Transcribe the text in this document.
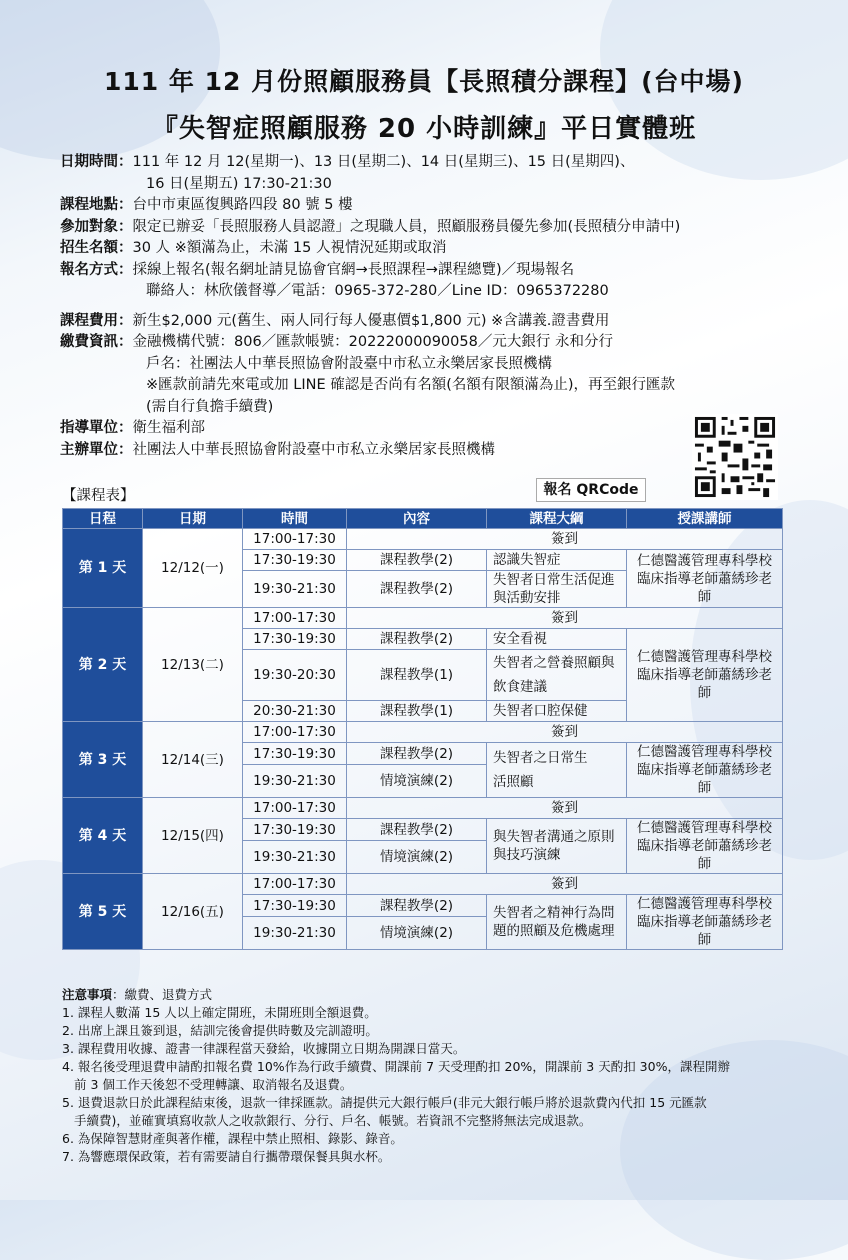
111 年 12 月份照顧服務員【長照積分課程】(台中場)
『失智症照顧服務 20 小時訓練』平日實體班
日期時間： 111 年 12 月 12(星期一)、13 日(星期二)、14 日(星期三)、15 日(星期四)、
16 日(星期五) 17:30-21:30
課程地點： 台中市東區復興路四段 80 號 5 樓
參加對象： 限定已辦妥「長照服務人員認證」之現職人員，照顧服務員優先參加(長照積分申請中)
招生名額： 30 人 ※額滿為止，未滿 15 人視情況延期或取消
報名方式： 採線上報名(報名網址請見協會官網→長照課程→課程總覽)／現場報名
聯絡人：林欣儀督導／電話：0965-372-280／Line ID：0965372280
課程費用： 新生$2,000 元(舊生、兩人同行每人優惠價$1,800 元) ※含講義.證書費用
繳費資訊： 金融機構代號：806／匯款帳號：20222000090058／元大銀行 永和分行
戶名：社團法人中華長照協會附設臺中市私立永樂居家長照機構
※匯款前請先來電或加 LINE 確認是否尚有名額(名額有限額滿為止)，再至銀行匯款
(需自行負擔手續費)
指導單位： 衛生福利部
主辦單位： 社團法人中華長照協會附設臺中市私立永樂居家長照機構
報名 QRCode
【課程表】
日程	日期	時間	內容	課程大綱	授課講師
第 1 天	12/12(一)	17:00-17:30	簽到		
		17:30-19:30	課程教學(2)	認識失智症	仁德醫護管理專科學校臨床指導老師蕭綉珍老師
		19:30-21:30	課程教學(2)	失智者日常生活促進與活動安排	

第 2 天	12/13(二)	17:00-17:30	簽到		
		17:30-19:30	課程教學(2)	安全看視	仁德醫護管理專科學校臨床指導老師蕭綉珍老師
		19:30-20:30	課程教學(1)	失智者之營養照顧與飲食建議	

		20:30-21:30	課程教學(1)	失智者口腔保健	
第 3 天	12/14(三)	17:00-17:30	簽到		
		17:30-19:30	課程教學(2)	失智者之日常生活照顧	仁德醫護管理專科學校臨床指導老師蕭綉珍老師
		19:30-21:30	情境演練(2)		
第 4 天	12/15(四)	17:00-17:30	簽到		
		17:30-19:30	課程教學(2)	與失智者溝通之原則與技巧演練	仁德醫護管理專科學校臨床指導老師蕭綉珍老師
		19:30-21:30	情境演練(2)		
第 5 天	12/16(五)	17:00-17:30	簽到		
		17:30-19:30	課程教學(2)	失智者之精神行為問題的照顧及危機處理	仁德醫護管理專科學校臨床指導老師蕭綉珍老師
		19:30-21:30	情境演練(2)		
注意事項：繳費、退費方式
1. 課程人數滿 15 人以上確定開班，未開班則全額退費。
2. 出席上課且簽到退，結訓完後會提供時數及完訓證明。
3. 課程費用收據、證書一律課程當天發給，收據開立日期為開課日當天。
4. 報名後受理退費申請酌扣報名費 10%作為行政手續費、開課前 7 天受理酌扣 20%，開課前 3 天酌扣 30%，課程開辦
前 3 個工作天後恕不受理轉讓、取消報名及退費。
5. 退費退款日於此課程結束後，退款一律採匯款。請提供元大銀行帳戶(非元大銀行帳戶將於退款費內代扣 15 元匯款
手續費)，並確實填寫收款人之收款銀行、分行、戶名、帳號。若資訊不完整將無法完成退款。
6. 為保障智慧財產與著作權，課程中禁止照相、錄影、錄音。
7. 為響應環保政策，若有需要請自行攜帶環保餐具與水杯。
